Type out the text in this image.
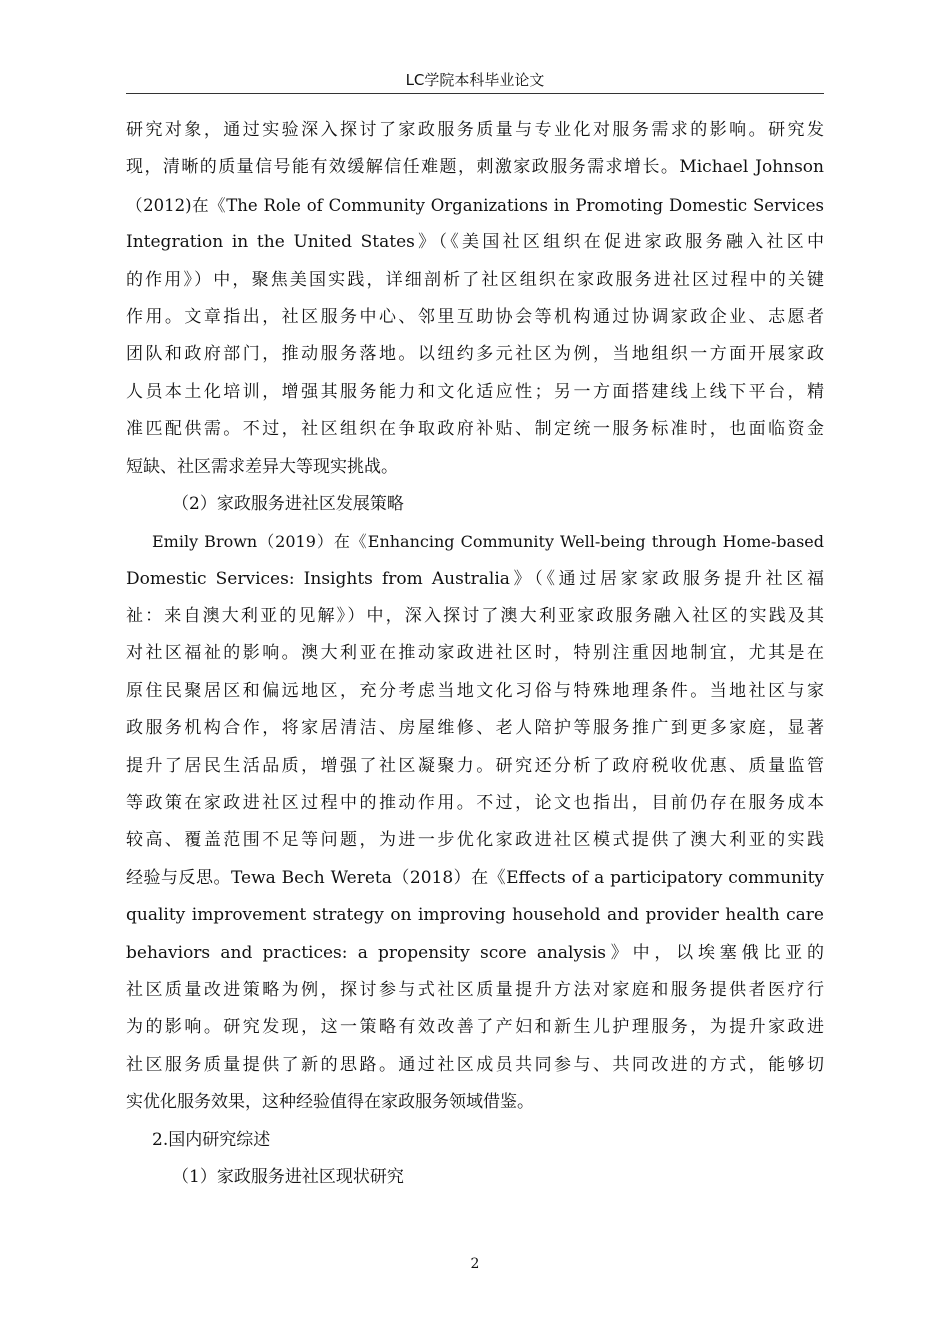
LC学院本科毕业论文
研究对象，通过实验深入探讨了家政服务质量与专业化对服务需求的影响。研究发
现，清晰的质量信号能有效缓解信任难题，刺激家政服务需求增长。Michael Johnson
（2012)在《The Role of Community Organizations in Promoting Domestic Services
Integration in the United States》（《美国社区组织在促进家政服务融入社区中
的作用》）中，聚焦美国实践，详细剖析了社区组织在家政服务进社区过程中的关键
作用。文章指出，社区服务中心、邻里互助协会等机构通过协调家政企业、志愿者
团队和政府部门，推动服务落地。以纽约多元社区为例，当地组织一方面开展家政
人员本土化培训，增强其服务能力和文化适应性；另一方面搭建线上线下平台，精
准匹配供需。不过，社区组织在争取政府补贴、制定统一服务标准时，也面临资金
短缺、社区需求差异大等现实挑战。
（2）家政服务进社区发展策略
Emily Brown（2019）在《Enhancing Community Well-being through Home-based
Domestic Services: Insights from Australia》（《通过居家家政服务提升社区福
祉：来自澳大利亚的见解》）中，深入探讨了澳大利亚家政服务融入社区的实践及其
对社区福祉的影响。澳大利亚在推动家政进社区时，特别注重因地制宜，尤其是在
原住民聚居区和偏远地区，充分考虑当地文化习俗与特殊地理条件。当地社区与家
政服务机构合作，将家居清洁、房屋维修、老人陪护等服务推广到更多家庭，显著
提升了居民生活品质，增强了社区凝聚力。研究还分析了政府税收优惠、质量监管
等政策在家政进社区过程中的推动作用。不过，论文也指出，目前仍存在服务成本
较高、覆盖范围不足等问题，为进一步优化家政进社区模式提供了澳大利亚的实践
经验与反思。Tewa Bech Wereta（2018）在《Effects of a participatory community
quality improvement strategy on improving household and provider health care
behaviors and practices: a propensity score analysis》中，以埃塞俄比亚的
社区质量改进策略为例，探讨参与式社区质量提升方法对家庭和服务提供者医疗行
为的影响。研究发现，这一策略有效改善了产妇和新生儿护理服务，为提升家政进
社区服务质量提供了新的思路。通过社区成员共同参与、共同改进的方式，能够切
实优化服务效果，这种经验值得在家政服务领域借鉴。
2.国内研究综述
（1）家政服务进社区现状研究
2
